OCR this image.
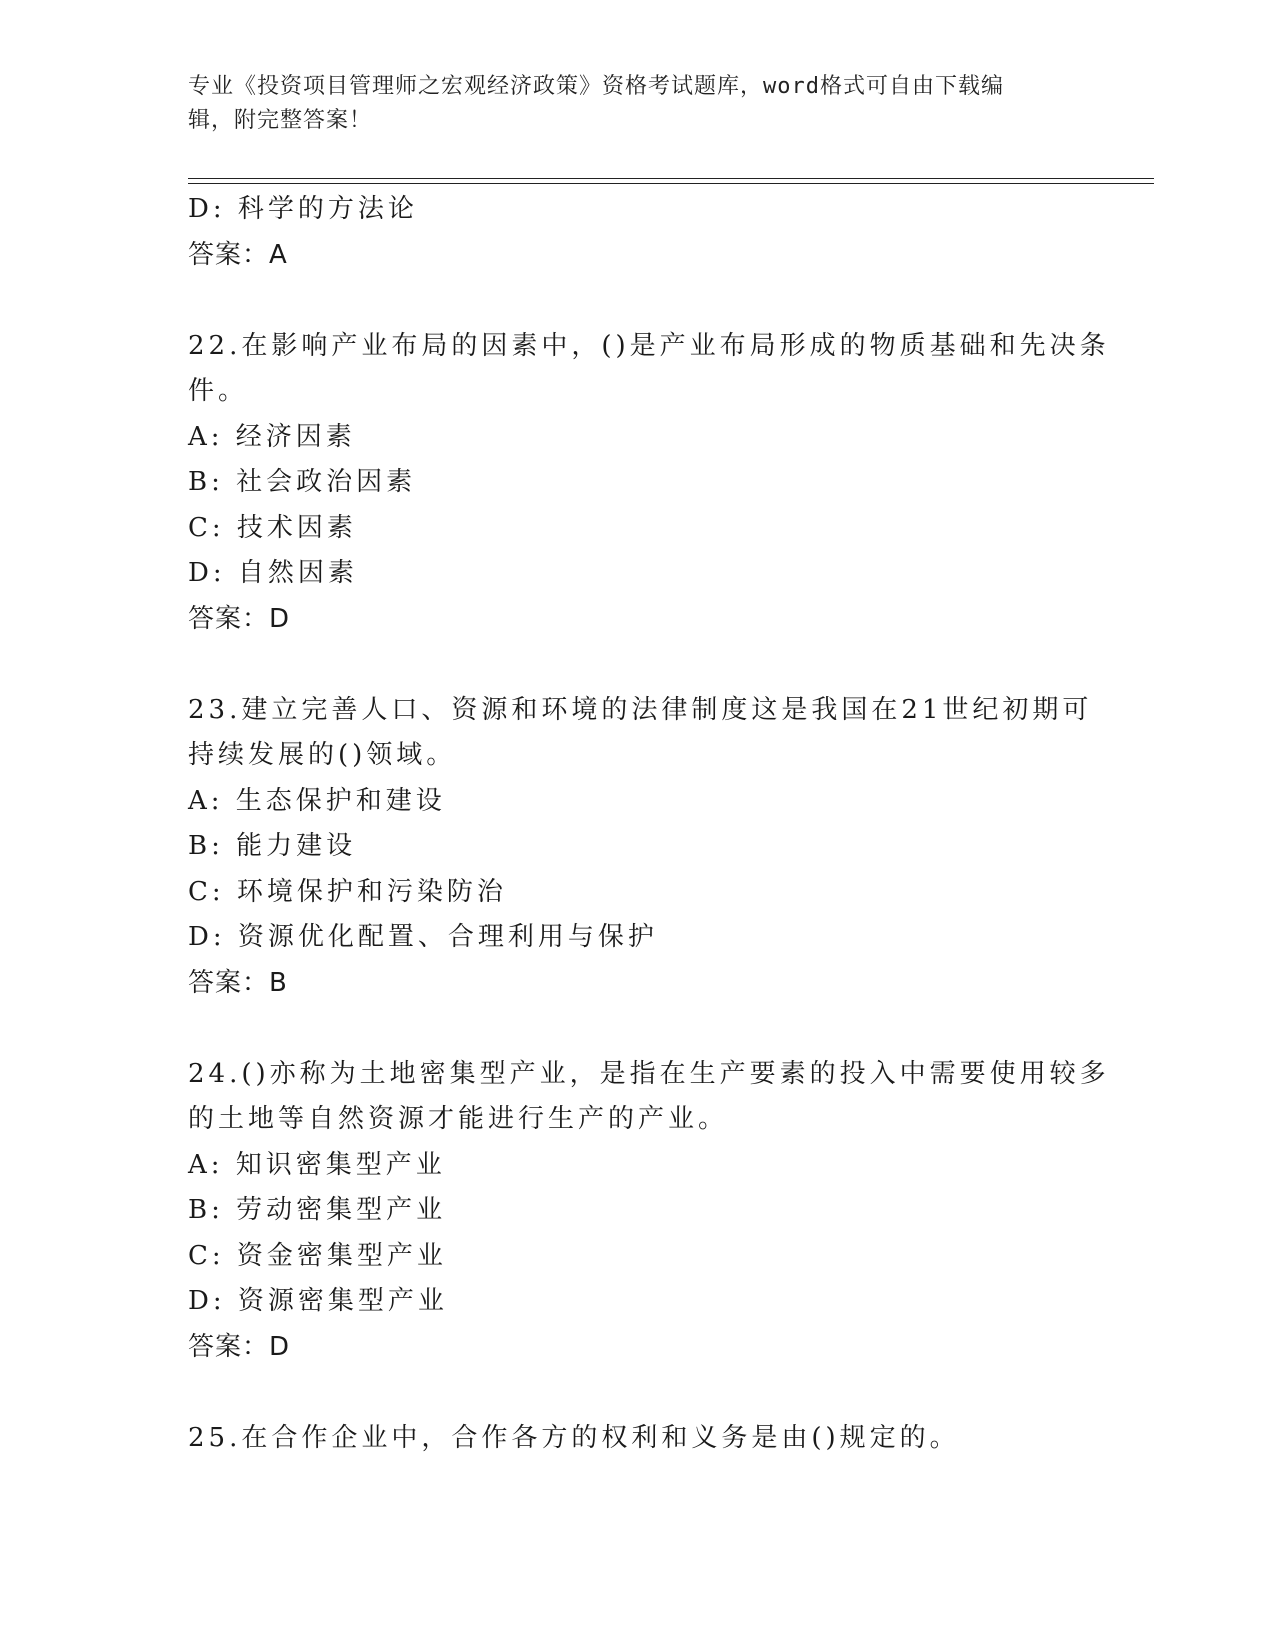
专业《投资项目管理师之宏观经济政策》资格考试题库，word格式可自由下载编
辑，附完整答案！
D: 科学的方法论
答案：A
22.在影响产业布局的因素中，()是产业布局形成的物质基础和先决条
件。
A: 经济因素
B: 社会政治因素
C: 技术因素
D: 自然因素
答案：D
23.建立完善人口、资源和环境的法律制度这是我国在21世纪初期可
持续发展的()领域。
A: 生态保护和建设
B: 能力建设
C: 环境保护和污染防治
D: 资源优化配置、合理利用与保护
答案：B
24.()亦称为土地密集型产业，是指在生产要素的投入中需要使用较多
的土地等自然资源才能进行生产的产业。
A: 知识密集型产业
B: 劳动密集型产业
C: 资金密集型产业
D: 资源密集型产业
答案：D
25.在合作企业中，合作各方的权利和义务是由()规定的。
